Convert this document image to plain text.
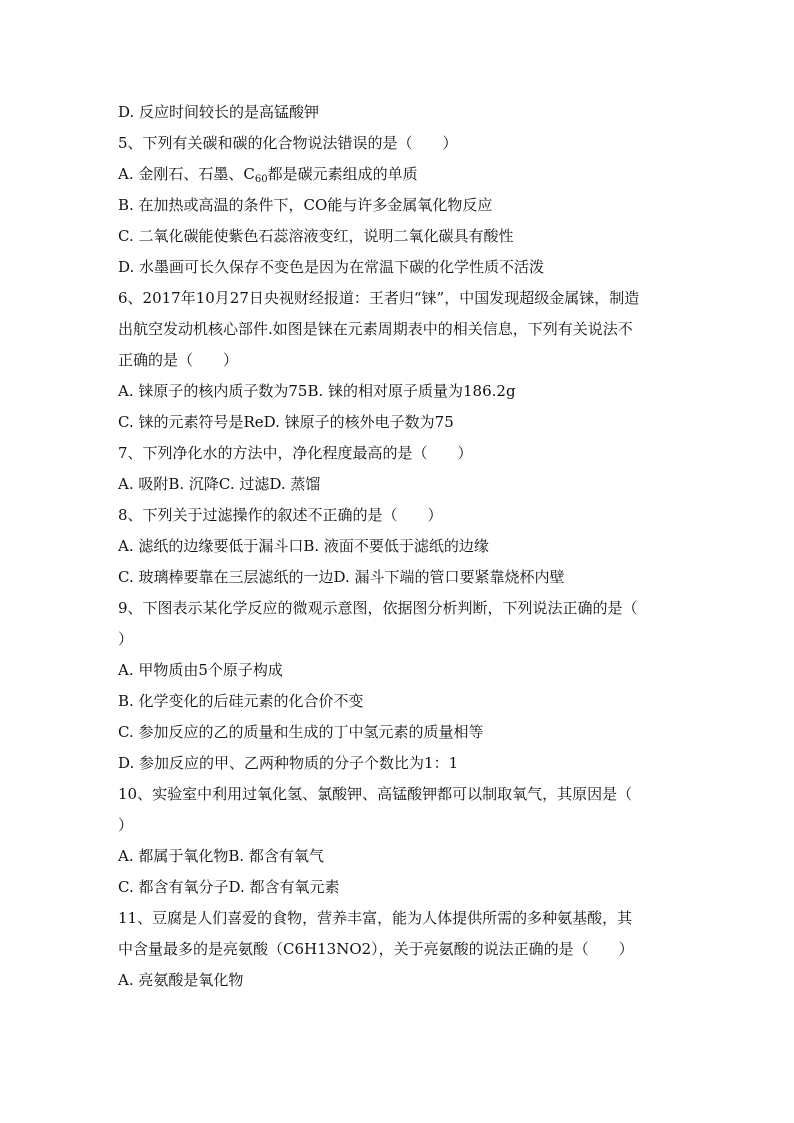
D. 反应时间较长的是高锰酸钾
5、下列有关碳和碳的化合物说法错误的是（　　）
A. 金刚石、石墨、$C_{60}$都是碳元素组成的单质
B. 在加热或高温的条件下，CO能与许多金属氧化物反应
C. 二氧化碳能使紫色石蕊溶液变红，说明二氧化碳具有酸性
D. 水墨画可长久保存不变色是因为在常温下碳的化学性质不活泼
6、2017年10月27日央视财经报道：王者归“铼”，中国发现超级金属铼，制造
出航空发动机核心部件.如图是铼在元素周期表中的相关信息，下列有关说法不
正确的是（　　）
A. 铼原子的核内质子数为75B. 铼的相对原子质量为186.2g
C. 铼的元素符号是ReD. 铼原子的核外电子数为75
7、下列净化水的方法中，净化程度最高的是（　　）
A. 吸附B. 沉降C. 过滤D. 蒸馏
8、下列关于过滤操作的叙述不正确的是（　　）
A. 滤纸的边缘要低于漏斗口B. 液面不要低于滤纸的边缘
C. 玻璃棒要靠在三层滤纸的一边D. 漏斗下端的管口要紧靠烧杯内壁
9、下图表示某化学反应的微观示意图，依据图分析判断，下列说法正确的是（
）
A. 甲物质由5个原子构成
B. 化学变化的后硅元素的化合价不变
C. 参加反应的乙的质量和生成的丁中氢元素的质量相等
D. 参加反应的甲、乙两种物质的分子个数比为1：1
10、实验室中利用过氧化氢、氯酸钾、高锰酸钾都可以制取氧气，其原因是（
）
A. 都属于氧化物B. 都含有氧气
C. 都含有氧分子D. 都含有氧元素
11、豆腐是人们喜爱的食物，营养丰富，能为人体提供所需的多种氨基酸，其
中含量最多的是亮氨酸（C6H13NO2），关于亮氨酸的说法正确的是（　　）
A. 亮氨酸是氧化物
